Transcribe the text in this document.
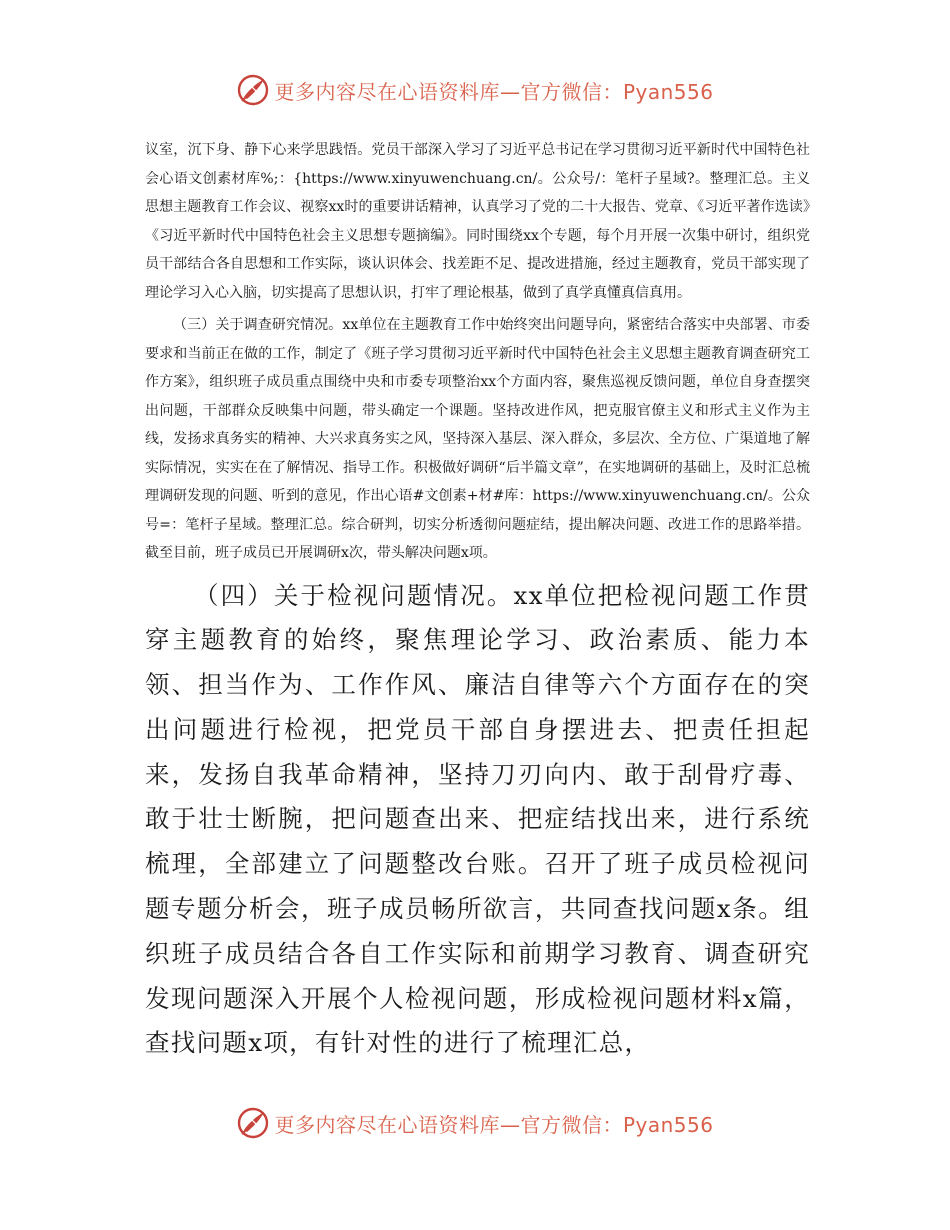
更多内容尽在心语资料库—官方微信：Pyan556

议室，沉下身、静下心来学思践悟。党员干部深入学习了习近平总书记在学习贯彻习近平新时代中国特色社会心语文创素材库%;：{https://www.xinyuwenchuang.cn/。公众号/：笔杆子星域?。整理汇总。主义思想主题教育工作会议、视察xx时的重要讲话精神，认真学习了党的二十大报告、党章、《习近平著作选读》《习近平新时代中国特色社会主义思想专题摘编》。同时围绕xx个专题，每个月开展一次集中研讨，组织党员干部结合各自思想和工作实际，谈认识体会、找差距不足、提改进措施，经过主题教育，党员干部实现了理论学习入心入脑，切实提高了思想认识，打牢了理论根基，做到了真学真懂真信真用。

（三）关于调查研究情况。xx单位在主题教育工作中始终突出问题导向，紧密结合落实中央部署、市委要求和当前正在做的工作，制定了《班子学习贯彻习近平新时代中国特色社会主义思想主题教育调查研究工作方案》，组织班子成员重点围绕中央和市委专项整治xx个方面内容，聚焦巡视反馈问题，单位自身查摆突出问题，干部群众反映集中问题，带头确定一个课题。坚持改进作风，把克服官僚主义和形式主义作为主线，发扬求真务实的精神、大兴求真务实之风，坚持深入基层、深入群众，多层次、全方位、广渠道地了解实际情况，实实在在了解情况、指导工作。积极做好调研“后半篇文章”，在实地调研的基础上，及时汇总梳理调研发现的问题、听到的意见，作出心语#文创素+材#库：https://www.xinyuwenchuang.cn/。公众号=：笔杆子星域。整理汇总。综合研判，切实分析透彻问题症结，提出解决问题、改进工作的思路举措。截至目前，班子成员已开展调研x次，带头解决问题x项。

（四）关于检视问题情况。xx单位把检视问题工作贯穿主题教育的始终，聚焦理论学习、政治素质、能力本领、担当作为、工作作风、廉洁自律等六个方面存在的突出问题进行检视，把党员干部自身摆进去、把责任担起来，发扬自我革命精神，坚持刀刃向内、敢于刮骨疗毒、敢于壮士断腕，把问题查出来、把症结找出来，进行系统梳理，全部建立了问题整改台账。召开了班子成员检视问题专题分析会，班子成员畅所欲言，共同查找问题x条。组织班子成员结合各自工作实际和前期学习教育、调查研究发现问题深入开展个人检视问题，形成检视问题材料x篇，查找问题x项，有针对性的进行了梳理汇总，

更多内容尽在心语资料库—官方微信：Pyan556
